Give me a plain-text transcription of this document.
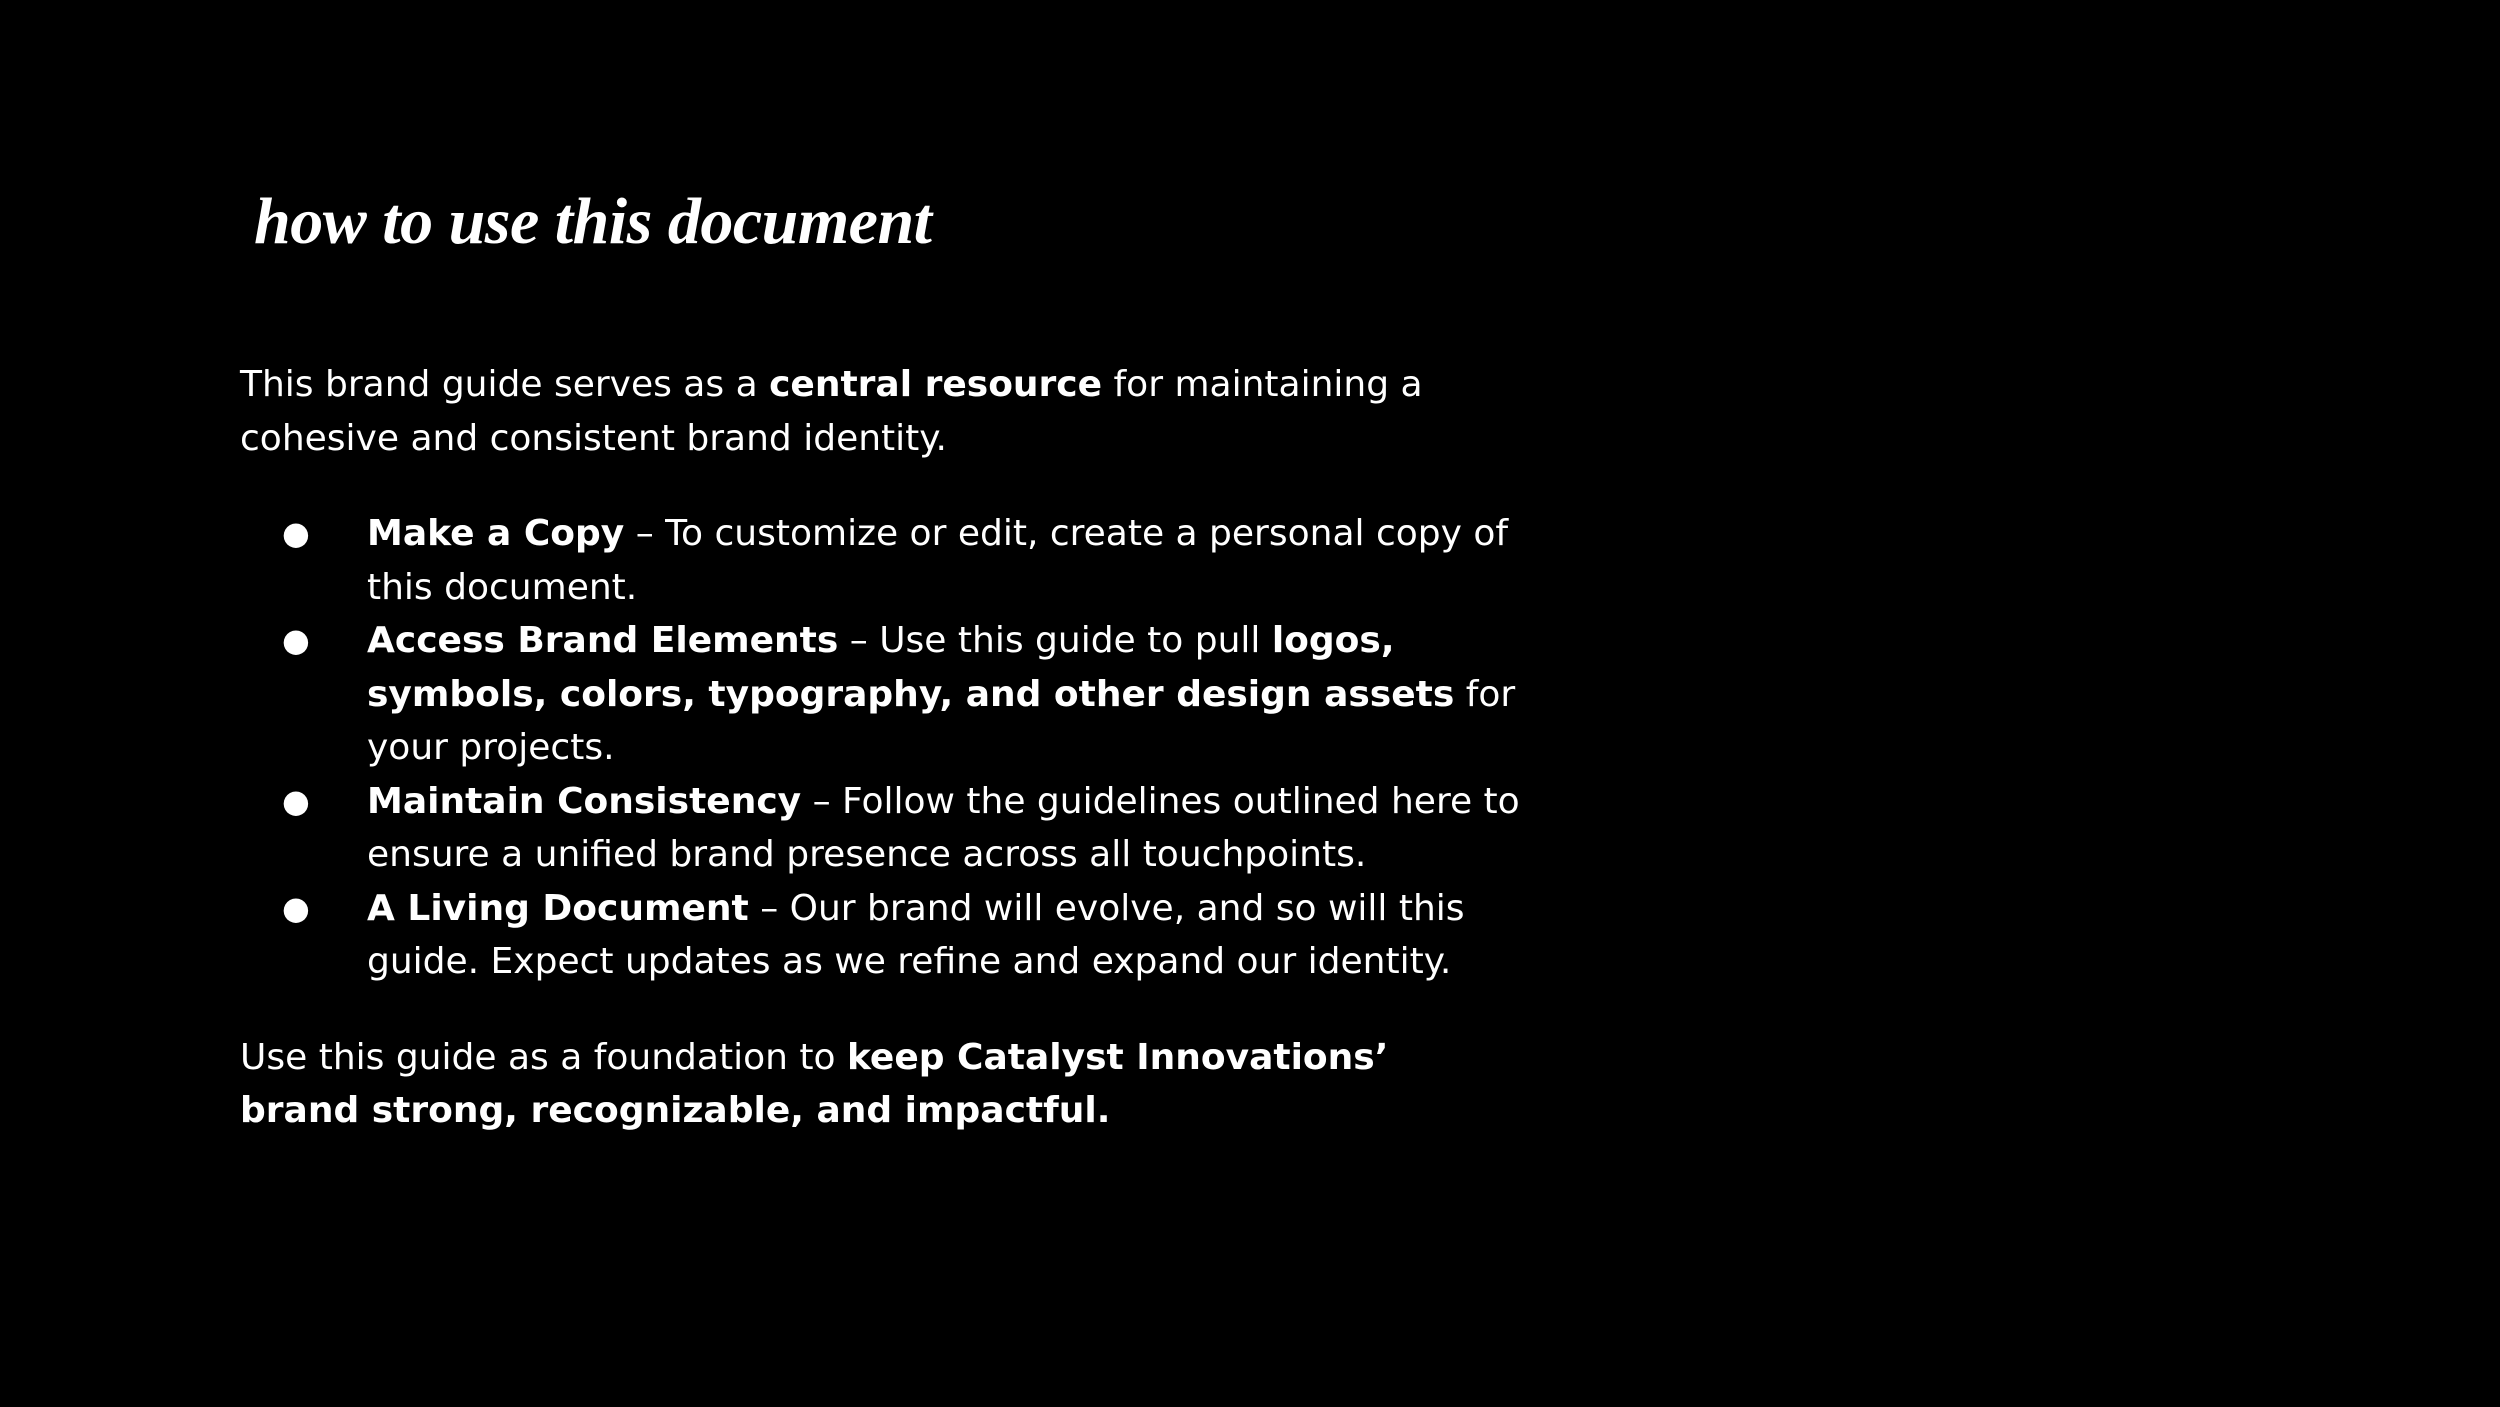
how to use this document

This brand guide serves as a central resource for maintaining a cohesive and consistent brand identity.

● Make a Copy – To customize or edit, create a personal copy of this document.
● Access Brand Elements – Use this guide to pull logos, symbols, colors, typography, and other design assets for your projects.
● Maintain Consistency – Follow the guidelines outlined here to ensure a unified brand presence across all touchpoints.
● A Living Document – Our brand will evolve, and so will this guide. Expect updates as we refine and expand our identity.

Use this guide as a foundation to keep Catalyst Innovations’ brand strong, recognizable, and impactful.
